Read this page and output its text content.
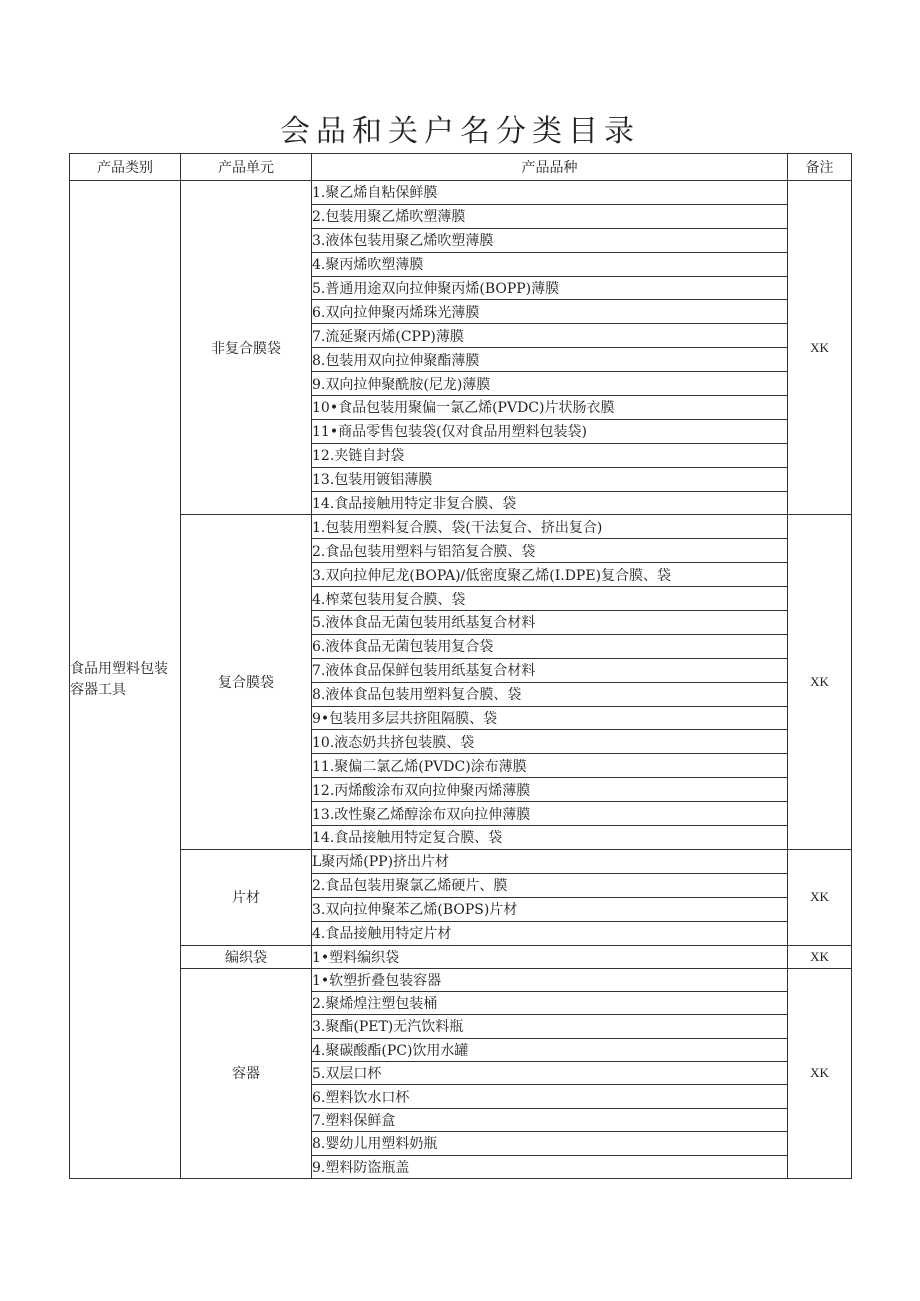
会品和关户名分类目录
产品类别	产品单元	产品品种	备注
食品用塑料包装容器工具	非复合膜袋	1.聚乙烯自粘保鲜膜	XK
		2.包装用聚乙烯吹塑薄膜	
		3.液体包装用聚乙烯吹塑薄膜	
		4.聚丙烯吹塑薄膜	
		5.普通用途双向拉伸聚丙烯(BOPP)薄膜	
		6.双向拉伸聚丙烯珠光薄膜	
		7.流延聚丙烯(CPP)薄膜	
		8.包装用双向拉伸聚酯薄膜	
		9.双向拉伸聚酰胺(尼龙)薄膜	
		10•食品包装用聚偏一氯乙烯(PVDC)片状肠衣膜	
		11•商品零售包装袋(仅对食品用塑料包装袋)	
		12.夹链自封袋	
		13.包装用镀铝薄膜	
		14.食品接触用特定非复合膜、袋	
	复合膜袋	1.包装用塑料复合膜、袋(干法复合、挤出复合)	XK
		2.食品包装用塑料与铝箔复合膜、袋	
		3.双向拉伸尼龙(BOPA)/低密度聚乙烯(I.DPE)复合膜、袋	
		4.榨菜包装用复合膜、袋	
		5.液体食品无菌包装用纸基复合材料	
		6.液体食品无菌包装用复合袋	
		7.液体食品保鲜包装用纸基复合材料	
		8.液体食品包装用塑料复合膜、袋	
		9•包装用多层共挤阻隔膜、袋	
		10.液态奶共挤包装膜、袋	
		11.聚偏二氯乙烯(PVDC)涂布薄膜	
		12.丙烯酸涂布双向拉伸聚丙烯薄膜	
		13.改性聚乙烯醇涂布双向拉伸薄膜	
		14.食品接触用特定复合膜、袋	
	片材	L聚丙烯(PP)挤出片材	XK
		2.食品包装用聚氯乙烯硬片、膜	
		3.双向拉伸聚苯乙烯(BOPS)片材	
		4.食品接触用特定片材	
	编织袋	1•塑料编织袋	XK
	容器	1•软塑折叠包装容器	XK
		2.聚烯煌注塑包装桶	
		3.聚酯(PET)无汽饮料瓶	
		4.聚碳酸酯(PC)饮用水罐	
		5.双层口杯	
		6.塑料饮水口杯	
		7.塑料保鲜盒	
		8.婴幼儿用塑料奶瓶	
		9.塑料防盗瓶盖	
